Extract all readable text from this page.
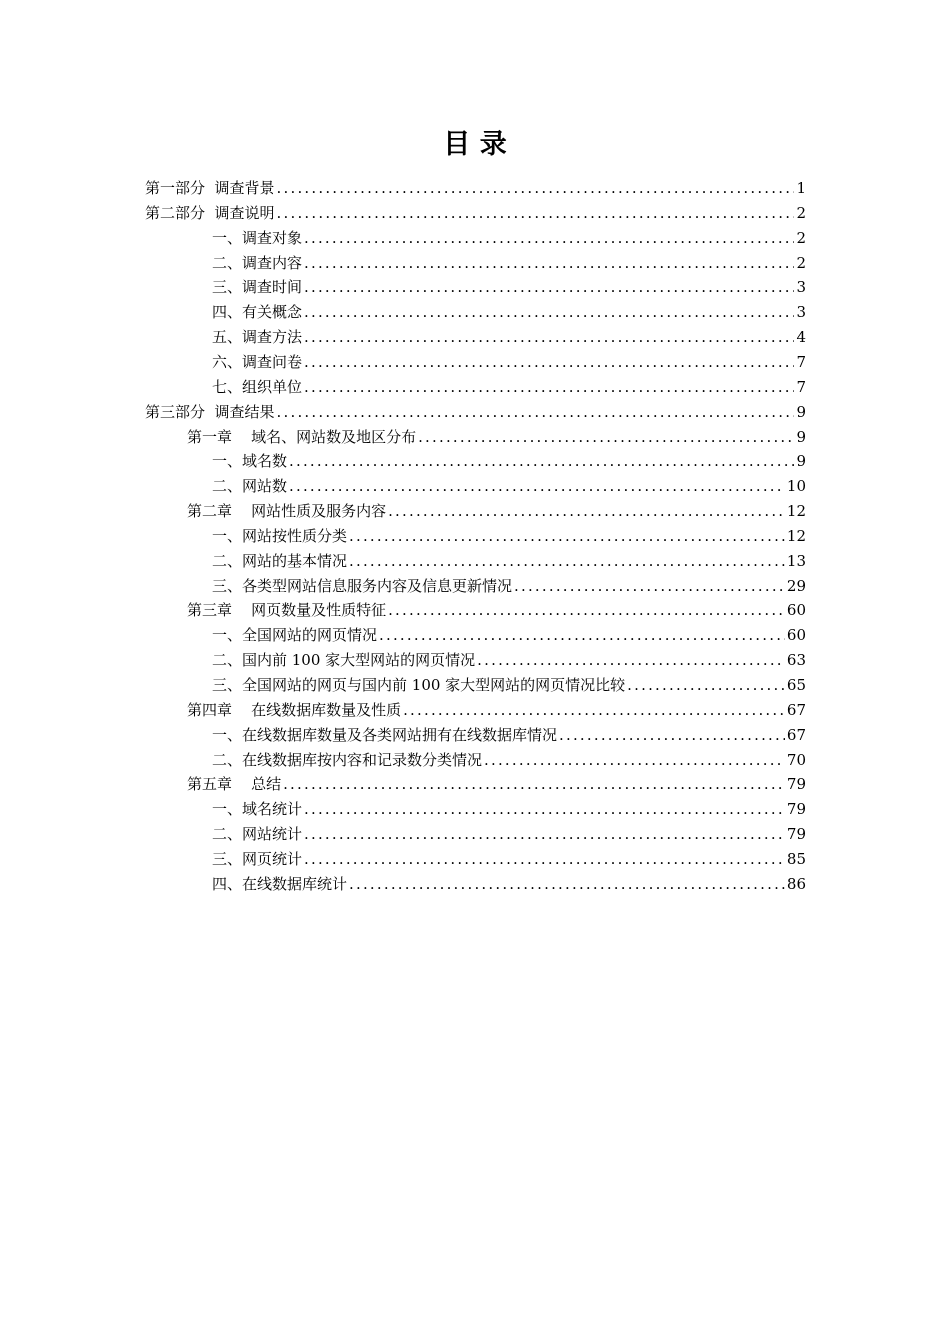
目 录
第一部分  调查背景 .....	1
第二部分  调查说明 .....	2
一、调查对象 .....	2
二、调查内容 .....	2
三、调查时间 .....	3
四、有关概念 .....	3
五、调查方法 .....	4
六、调查问卷 .....	7
七、组织单位 .....	7
第三部分  调查结果 .....	9
第一章    域名、网站数及地区分布 .....	9
一、域名数 .....	9
二、网站数 .....	10
第二章    网站性质及服务内容 .....	12
一、网站按性质分类 .....	12
二、网站的基本情况 .....	13
三、各类型网站信息服务内容及信息更新情况 .....	29
第三章    网页数量及性质特征 .....	60
一、全国网站的网页情况 .....	60
二、国内前 100 家大型网站的网页情况 .....	63
三、全国网站的网页与国内前 100 家大型网站的网页情况比较 .....	65
第四章    在线数据库数量及性质 .....	67
一、在线数据库数量及各类网站拥有在线数据库情况 .....	67
二、在线数据库按内容和记录数分类情况 .....	70
第五章    总结 .....	79
一、域名统计 .....	79
二、网站统计 .....	79
三、网页统计 .....	85
四、在线数据库统计 .....	86
